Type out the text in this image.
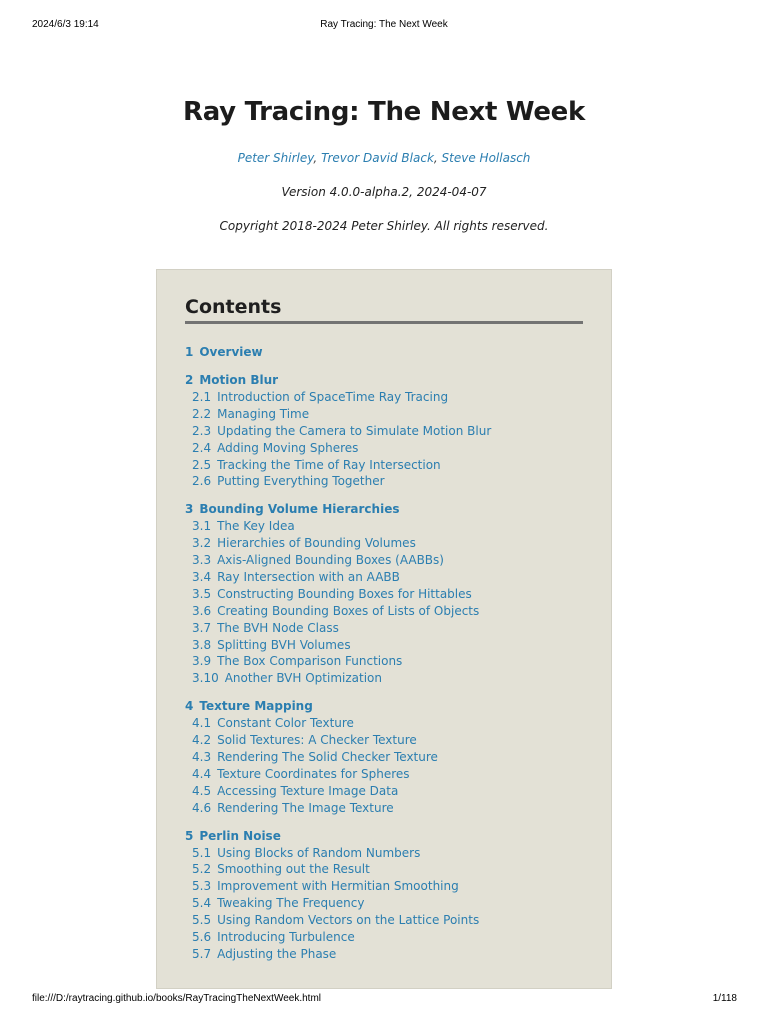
2024/6/3 19:14	Ray Tracing: The Next Week
Ray Tracing: The Next Week
Peter Shirley, Trevor David Black, Steve Hollasch
Version 4.0.0-alpha.2, 2024-04-07
Copyright 2018-2024 Peter Shirley. All rights reserved.
Contents
1 Overview
2 Motion Blur
2.1 Introduction of SpaceTime Ray Tracing
2.2 Managing Time
2.3 Updating the Camera to Simulate Motion Blur
2.4 Adding Moving Spheres
2.5 Tracking the Time of Ray Intersection
2.6 Putting Everything Together
3 Bounding Volume Hierarchies
3.1 The Key Idea
3.2 Hierarchies of Bounding Volumes
3.3 Axis-Aligned Bounding Boxes (AABBs)
3.4 Ray Intersection with an AABB
3.5 Constructing Bounding Boxes for Hittables
3.6 Creating Bounding Boxes of Lists of Objects
3.7 The BVH Node Class
3.8 Splitting BVH Volumes
3.9 The Box Comparison Functions
3.10 Another BVH Optimization
4 Texture Mapping
4.1 Constant Color Texture
4.2 Solid Textures: A Checker Texture
4.3 Rendering The Solid Checker Texture
4.4 Texture Coordinates for Spheres
4.5 Accessing Texture Image Data
4.6 Rendering The Image Texture
5 Perlin Noise
5.1 Using Blocks of Random Numbers
5.2 Smoothing out the Result
5.3 Improvement with Hermitian Smoothing
5.4 Tweaking The Frequency
5.5 Using Random Vectors on the Lattice Points
5.6 Introducing Turbulence
5.7 Adjusting the Phase
file:///D:/raytracing.github.io/books/RayTracingTheNextWeek.html	1/118
